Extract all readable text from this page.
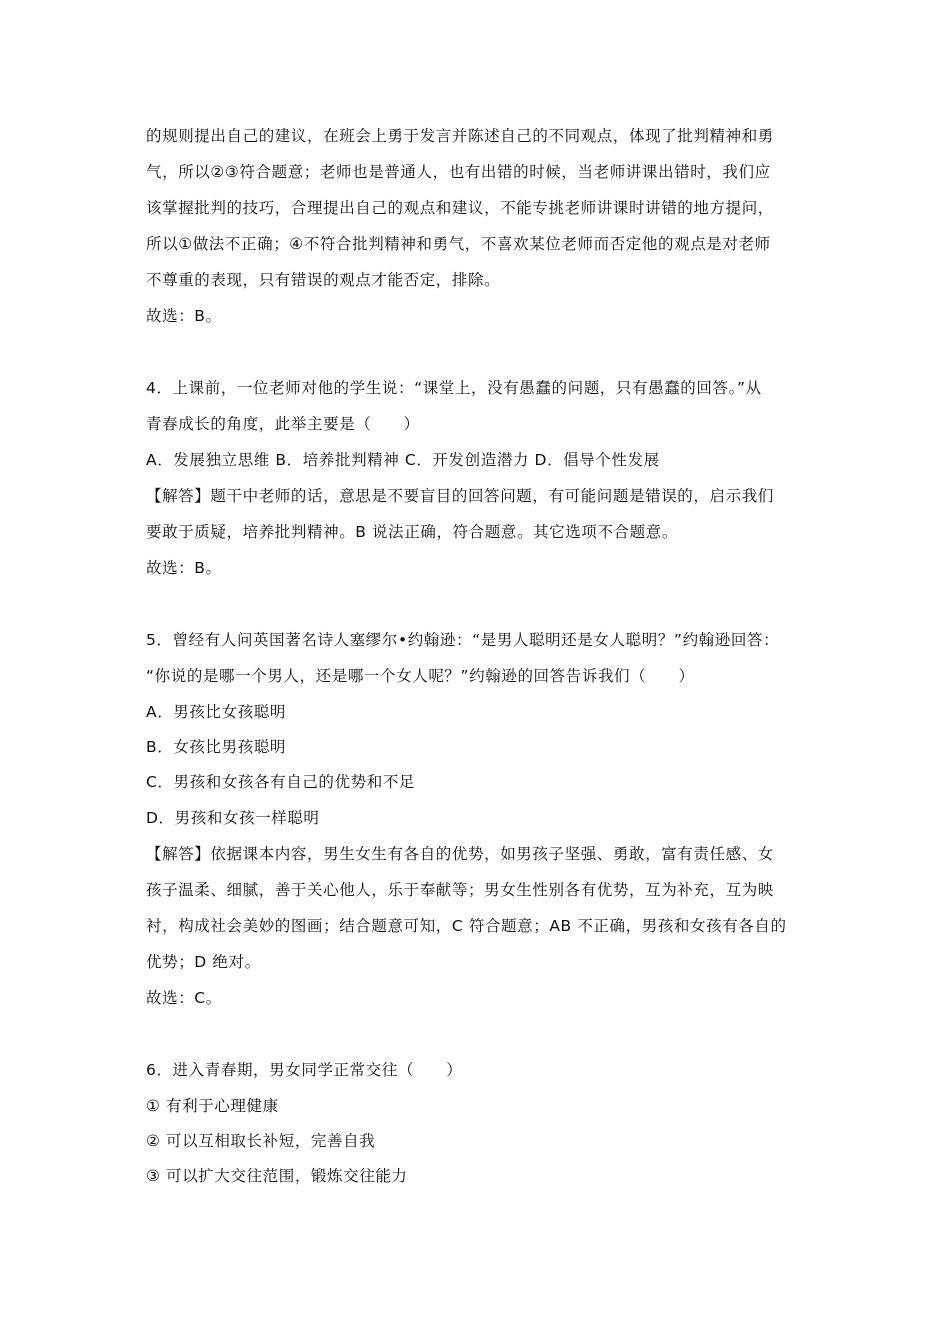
的规则提出自己的建议，在班会上勇于发言并陈述自己的不同观点，体现了批判精神和勇
气，所以②③符合题意；老师也是普通人，也有出错的时候，当老师讲课出错时，我们应
该掌握批判的技巧，合理提出自己的观点和建议，不能专挑老师讲课时讲错的地方提问，
所以①做法不正确；④不符合批判精神和勇气，不喜欢某位老师而否定他的观点是对老师
不尊重的表现，只有错误的观点才能否定，排除。
故选：B。
4．上课前，一位老师对他的学生说：“课堂上，没有愚蠢的问题，只有愚蠢的回答。”从
青春成长的角度，此举主要是（　　）
A．发展独立思维 B．培养批判精神 C．开发创造潜力 D．倡导个性发展
【解答】题干中老师的话，意思是不要盲目的回答问题，有可能问题是错误的，启示我们
要敢于质疑，培养批判精神。B 说法正确，符合题意。其它选项不合题意。
故选：B。
5．曾经有人问英国著名诗人塞缪尔•约翰逊：“是男人聪明还是女人聪明？”约翰逊回答：
“你说的是哪一个男人，还是哪一个女人呢？”约翰逊的回答告诉我们（　　）
A．男孩比女孩聪明
B．女孩比男孩聪明
C．男孩和女孩各有自己的优势和不足
D．男孩和女孩一样聪明
【解答】依据课本内容，男生女生有各自的优势，如男孩子坚强、勇敢，富有责任感、女
孩子温柔、细腻，善于关心他人，乐于奉献等；男女生性别各有优势，互为补充，互为映
衬，构成社会美妙的图画；结合题意可知，C 符合题意；AB 不正确，男孩和女孩有各自的
优势；D 绝对。
故选：C。
6．进入青春期，男女同学正常交往（　　）
① 有利于心理健康
② 可以互相取长补短，完善自我
③ 可以扩大交往范围，锻炼交往能力
